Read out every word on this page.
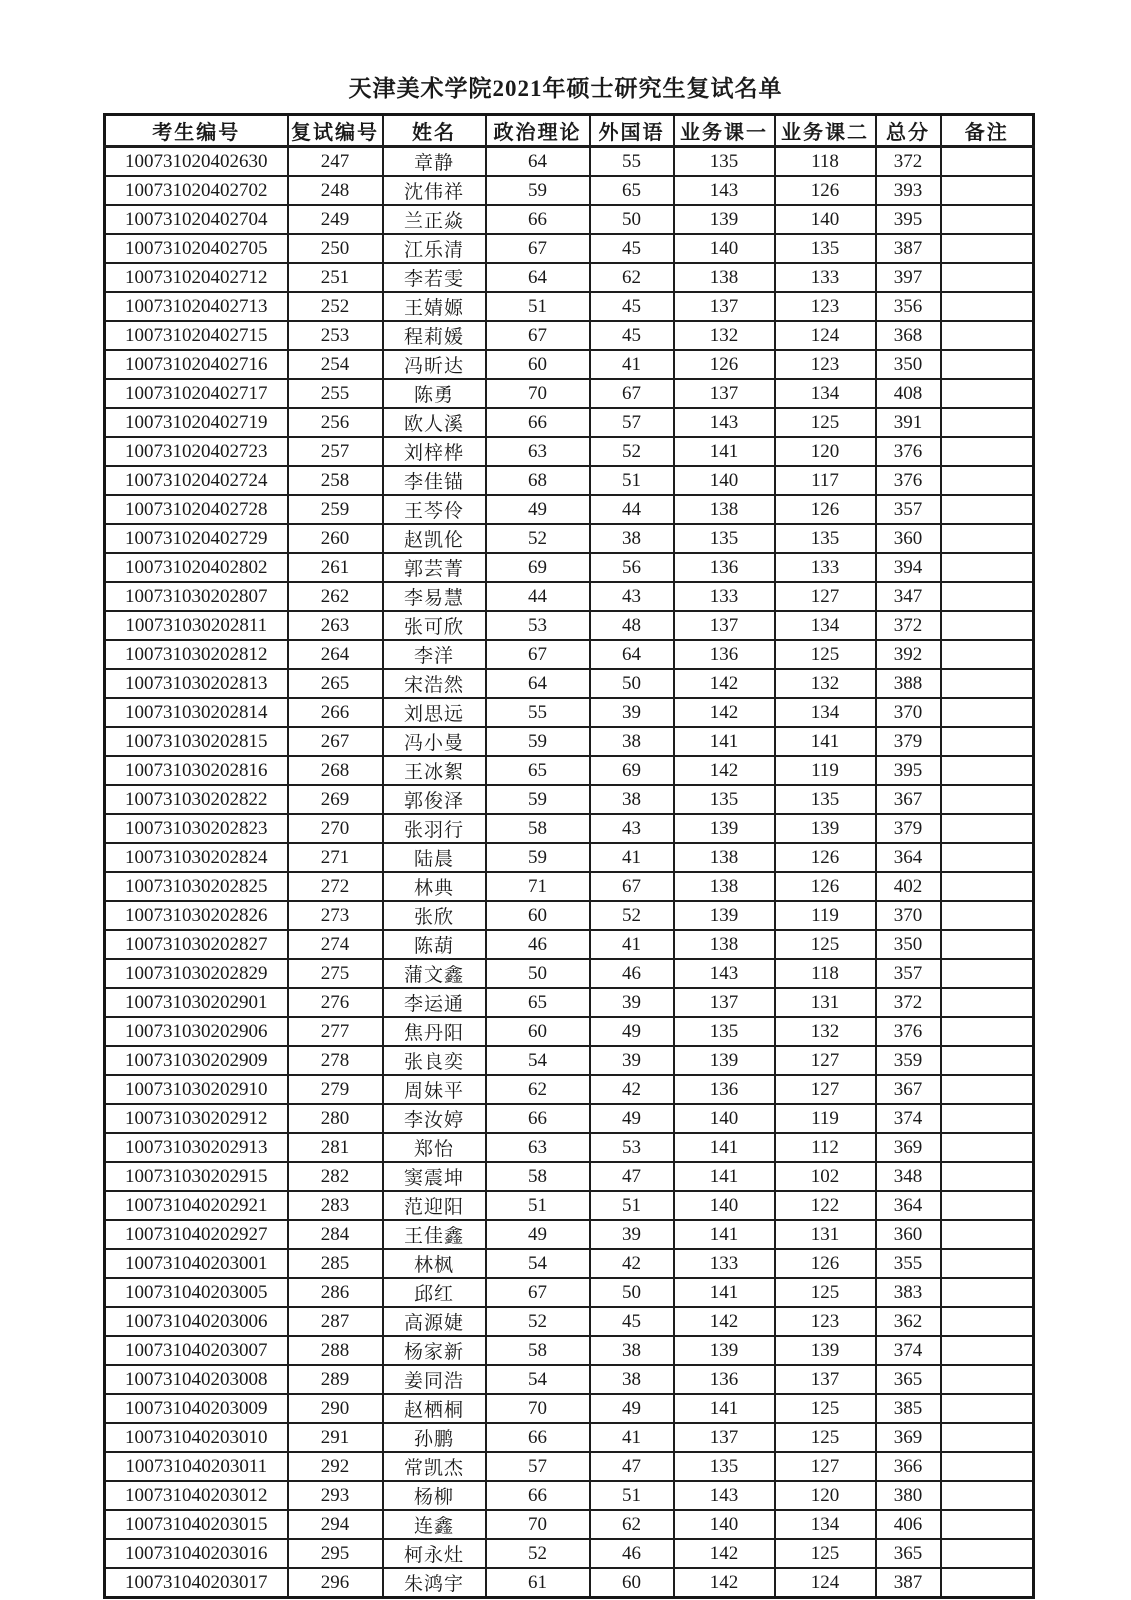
天津美术学院2021年硕士研究生复试名单
考生编号	复试编号	姓名	政治理论	外国语	业务课一	业务课二	总分	备注
100731020402630	247	章静	64	55	135	118	372	
100731020402702	248	沈伟祥	59	65	143	126	393	
100731020402704	249	兰正焱	66	50	139	140	395	
100731020402705	250	江乐清	67	45	140	135	387	
100731020402712	251	李若雯	64	62	138	133	397	
100731020402713	252	王婧嫄	51	45	137	123	356	
100731020402715	253	程莉媛	67	45	132	124	368	
100731020402716	254	冯昕达	60	41	126	123	350	
100731020402717	255	陈勇	70	67	137	134	408	
100731020402719	256	欧人溪	66	57	143	125	391	
100731020402723	257	刘梓桦	63	52	141	120	376	
100731020402724	258	李佳锚	68	51	140	117	376	
100731020402728	259	王芩伶	49	44	138	126	357	
100731020402729	260	赵凯伦	52	38	135	135	360	
100731020402802	261	郭芸菁	69	56	136	133	394	
100731030202807	262	李易慧	44	43	133	127	347	
100731030202811	263	张可欣	53	48	137	134	372	
100731030202812	264	李洋	67	64	136	125	392	
100731030202813	265	宋浩然	64	50	142	132	388	
100731030202814	266	刘思远	55	39	142	134	370	
100731030202815	267	冯小曼	59	38	141	141	379	
100731030202816	268	王冰絮	65	69	142	119	395	
100731030202822	269	郭俊泽	59	38	135	135	367	
100731030202823	270	张羽行	58	43	139	139	379	
100731030202824	271	陆晨	59	41	138	126	364	
100731030202825	272	林典	71	67	138	126	402	
100731030202826	273	张欣	60	52	139	119	370	
100731030202827	274	陈葫	46	41	138	125	350	
100731030202829	275	蒲文鑫	50	46	143	118	357	
100731030202901	276	李运通	65	39	137	131	372	
100731030202906	277	焦丹阳	60	49	135	132	376	
100731030202909	278	张良奕	54	39	139	127	359	
100731030202910	279	周妹平	62	42	136	127	367	
100731030202912	280	李汝婷	66	49	140	119	374	
100731030202913	281	郑怡	63	53	141	112	369	
100731030202915	282	窦震坤	58	47	141	102	348	
100731040202921	283	范迎阳	51	51	140	122	364	
100731040202927	284	王佳鑫	49	39	141	131	360	
100731040203001	285	林枫	54	42	133	126	355	
100731040203005	286	邱红	67	50	141	125	383	
100731040203006	287	高源婕	52	45	142	123	362	
100731040203007	288	杨家新	58	38	139	139	374	
100731040203008	289	姜同浩	54	38	136	137	365	
100731040203009	290	赵栖桐	70	49	141	125	385	
100731040203010	291	孙鹏	66	41	137	125	369	
100731040203011	292	常凯杰	57	47	135	127	366	
100731040203012	293	杨柳	66	51	143	120	380	
100731040203015	294	连鑫	70	62	140	134	406	
100731040203016	295	柯永灶	52	46	142	125	365	
100731040203017	296	朱鸿宇	61	60	142	124	387	
